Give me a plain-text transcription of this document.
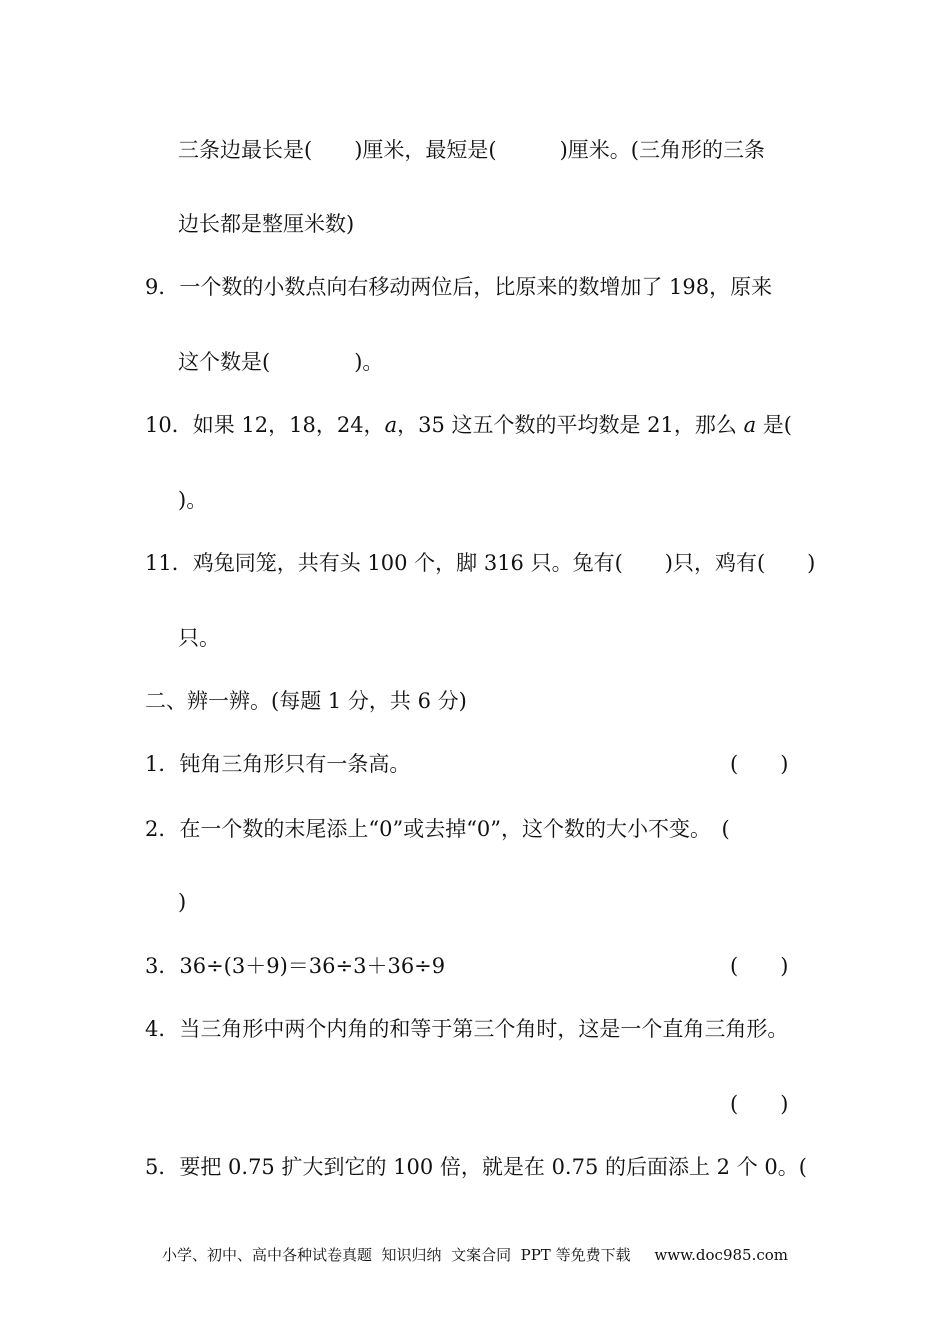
三条边最长是(　　)厘米，最短是(　　　)厘米。(三角形的三条
边长都是整厘米数)
9．一个数的小数点向右移动两位后，比原来的数增加了 198，原来
这个数是(　　　　)。
10．如果 12，18，24，a，35 这五个数的平均数是 21，那么 a 是(
)。
11．鸡兔同笼，共有头 100 个，脚 316 只。兔有(　　)只，鸡有(　　)
只。
二、辨一辨。(每题 1 分，共 6 分)
1．钝角三角形只有一条高。	(　　)
2．在一个数的末尾添上“0”或去掉“0”，这个数的大小不变。　(
)
3．36÷(3＋9)＝36÷3＋36÷9	(　　)
4．当三角形中两个内角的和等于第三个角时，这是一个直角三角形。
(　　)
5．要把 0.75 扩大到它的 100 倍，就是在 0.75 的后面添上 2 个 0。(
小学、初中、高中各种试卷真题  知识归纳  文案合同  PPT 等免费下载     www.doc985.com
